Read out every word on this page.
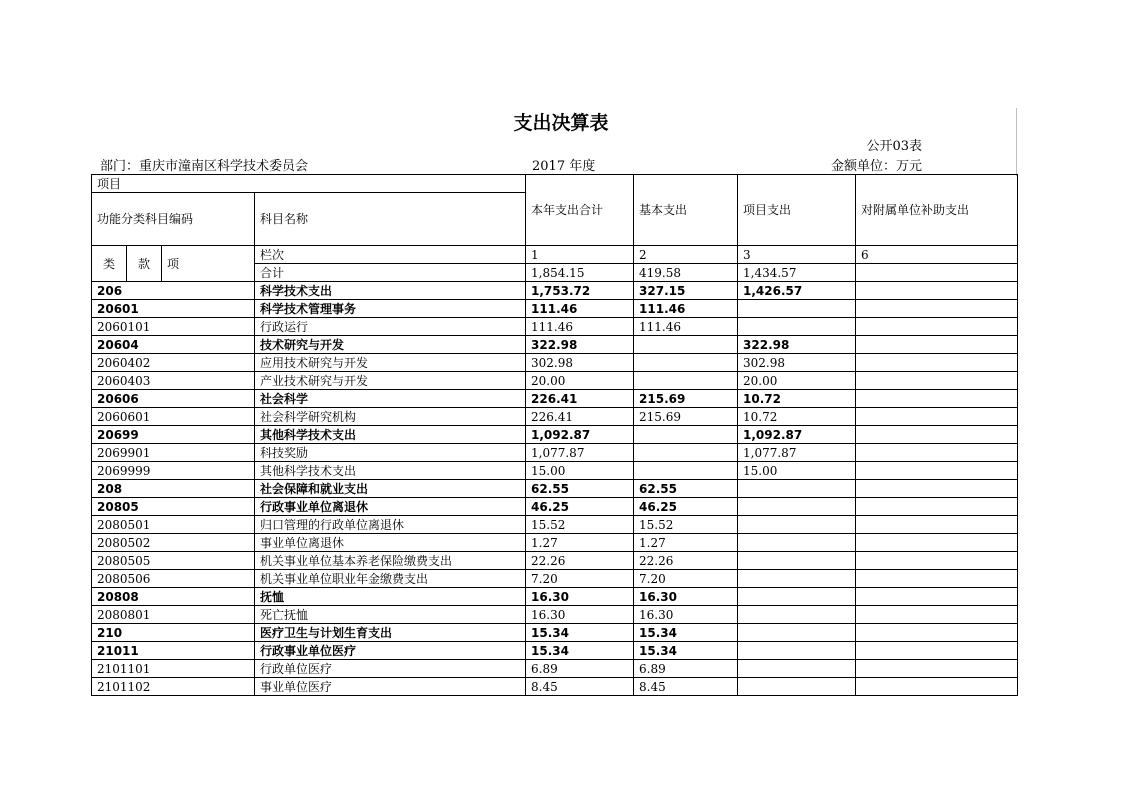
支出决算表
公开03表
部门：重庆市潼南区科学技术委员会	2017 年度	金额单位：万元
项目				本年支出合计	基本支出	项目支出	对附属单位补助支出
功能分类科目编码			科目名称				
类	款	项	栏次	1	2	3	6
			合计	1,854.15	419.58	1,434.57	
206			科学技术支出	1,753.72	327.15	1,426.57	
20601			科学技术管理事务	111.46	111.46		
2060101			行政运行	111.46	111.46		
20604			技术研究与开发	322.98		322.98	
2060402			应用技术研究与开发	302.98		302.98	
2060403			产业技术研究与开发	20.00		20.00	
20606			社会科学	226.41	215.69	10.72	
2060601			社会科学研究机构	226.41	215.69	10.72	
20699			其他科学技术支出	1,092.87		1,092.87	
2069901			科技奖励	1,077.87		1,077.87	
2069999			其他科学技术支出	15.00		15.00	
208			社会保障和就业支出	62.55	62.55		
20805			行政事业单位离退休	46.25	46.25		
2080501			归口管理的行政单位离退休	15.52	15.52		
2080502			事业单位离退休	1.27	1.27		
2080505			机关事业单位基本养老保险缴费支出	22.26	22.26		
2080506			机关事业单位职业年金缴费支出	7.20	7.20		
20808			抚恤	16.30	16.30		
2080801			死亡抚恤	16.30	16.30		
210			医疗卫生与计划生育支出	15.34	15.34		
21011			行政事业单位医疗	15.34	15.34		
2101101			行政单位医疗	6.89	6.89		
2101102			事业单位医疗	8.45	8.45		
